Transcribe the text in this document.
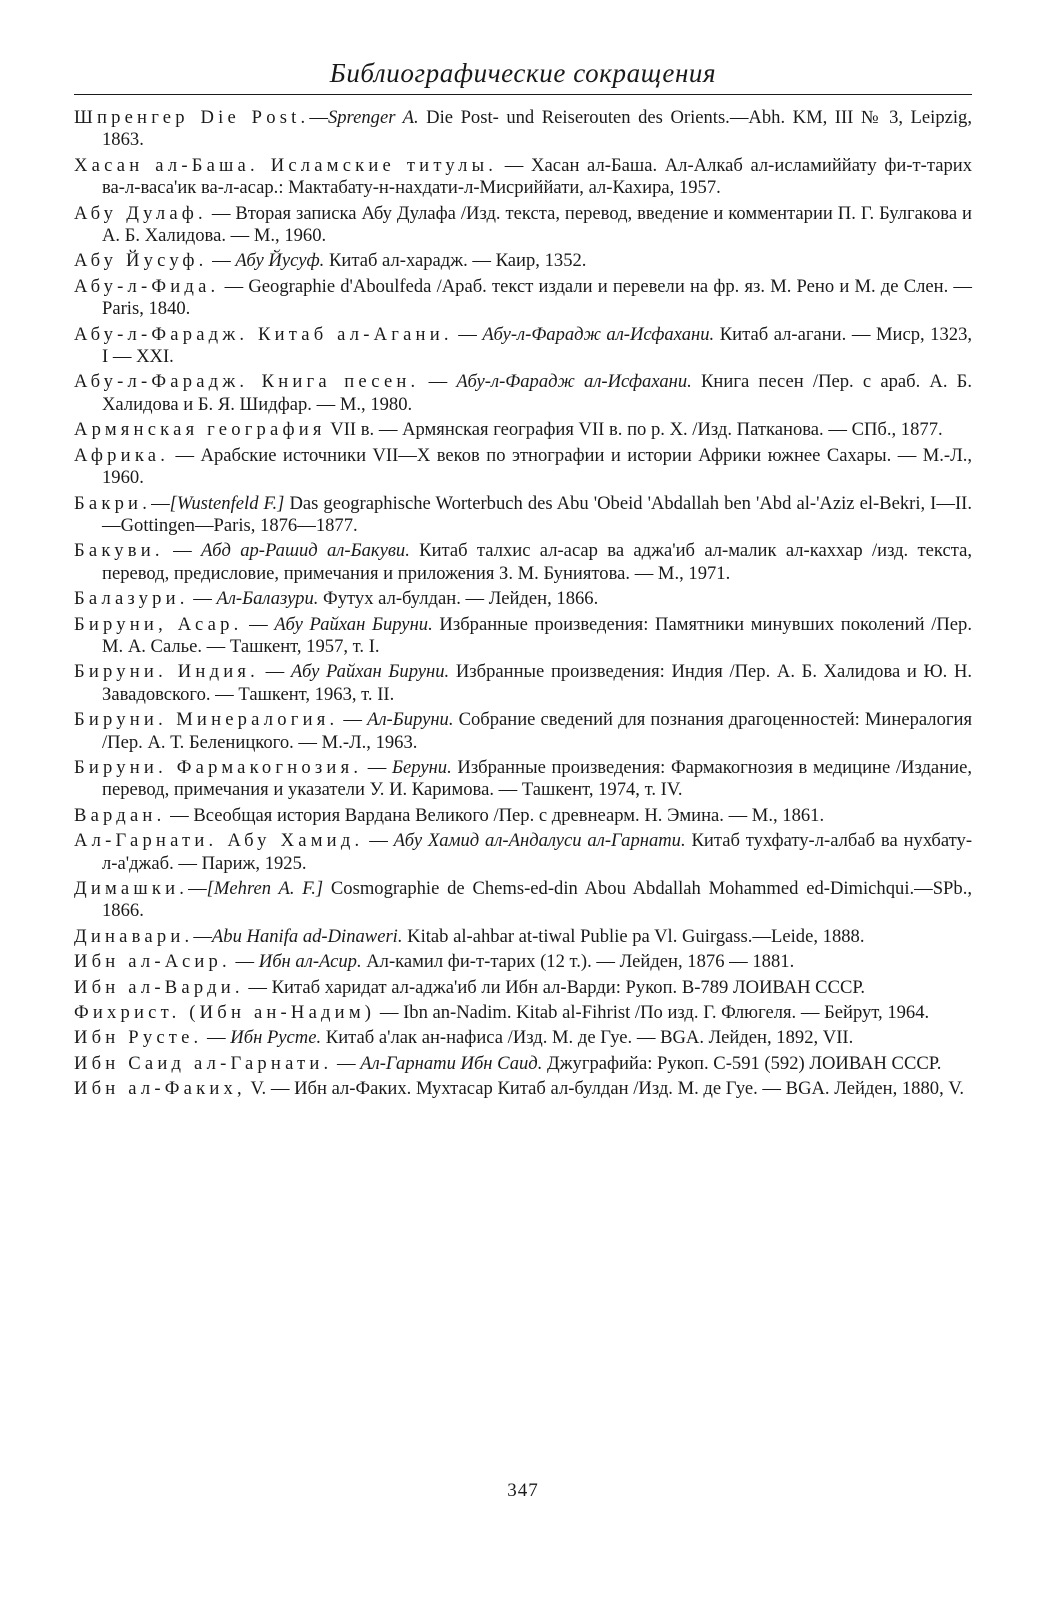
Библиографические сокращения

Шпренгер Die Post.—Sprenger A. Die Post- und Reiserouten des Orients.—Abh. KM, III № 3, Leipzig, 1863.

Хасан ал-Баша. Исламские титулы. — Хасан ал-Баша. Ал-Алкаб ал-исламиййату фи-т-тарих ва-л-васа'ик ва-л-асар.: Мактабату-н-нахдати-л-Мисриййати, ал-Кахира, 1957.

Абу Дулаф. — Вторая записка Абу Дулафа /Изд. текста, перевод, введение и комментарии П. Г. Булгакова и А. Б. Халидова. — М., 1960.

Абу Йусуф. — Абу Йусуф. Китаб ал-харадж. — Каир, 1352.

Абу-л-Фида. — Geographie d'Aboulfeda /Араб. текст издали и перевели на фр. яз. М. Рено и М. де Слен. — Paris, 1840.

Абу-л-Фарадж. Китаб ал-Агани. — Абу-л-Фарадж ал-Исфахани. Китаб ал-агани. — Миср, 1323, I — XXI.

Абу-л-Фарадж. Книга песен. — Абу-л-Фарадж ал-Исфахани. Книга песен /Пер. с араб. А. Б. Халидова и Б. Я. Шидфар. — М., 1980.

Армянская география VII в. — Армянская география VII в. по р. Х. /Изд. Патканова. — СПб., 1877.

Африка. — Арабские источники VII—X веков по этнографии и истории Африки южнее Сахары. — М.-Л., 1960.

Бакри.—[Wustenfeld F.] Das geographische Worterbuch des Abu 'Obeid 'Abdallah ben 'Abd al-'Aziz el-Bekri, I—II.—Gottingen—Paris, 1876—1877.

Бакуви. — Абд ар-Рашид ал-Бакуви. Китаб талхис ал-асар ва аджа'иб ал-малик ал-каххар /изд. текста, перевод, предисловие, примечания и приложения З. М. Буниятова. — М., 1971.

Балазури. — Ал-Балазури. Футух ал-булдан. — Лейден, 1866.

Бируни, Асар. — Абу Райхан Бируни. Избранные произведения: Памятники минувших поколений /Пер. М. А. Салье. — Ташкент, 1957, т. I.

Бируни. Индия. — Абу Райхан Бируни. Избранные произведения: Индия /Пер. А. Б. Халидова и Ю. Н. Завадовского. — Ташкент, 1963, т. II.

Бируни. Минералогия. — Ал-Бируни. Собрание сведений для познания драгоценностей: Минералогия /Пер. А. Т. Беленицкого. — М.-Л., 1963.

Бируни. Фармакогнозия. — Беруни. Избранные произведения: Фармакогнозия в медицине /Издание, перевод, примечания и указатели У. И. Каримова. — Ташкент, 1974, т. IV.

Вардан. — Всеобщая история Вардана Великого /Пер. с древнеарм. Н. Эмина. — М., 1861.

Ал-Гарнати. Абу Хамид. — Абу Хамид ал-Андалуси ал-Гарнати. Китаб тухфату-л-албаб ва нухбату-л-а'джаб. — Париж, 1925.

Димашки.—[Mehren A. F.] Cosmographie de Chems-ed-din Abou Abdallah Mohammed ed-Dimichqui.—SPb., 1866.

Динавари.—Abu Hanifa ad-Dinaweri. Kitab al-ahbar at-tiwal Publie pa Vl. Guirgass.—Leide, 1888.

Ибн ал-Асир. — Ибн ал-Асир. Ал-камил фи-т-тарих (12 т.). — Лейден, 1876 — 1881.

Ибн ал-Варди. — Китаб харидат ал-аджа'иб ли Ибн ал-Варди: Рукоп. В-789 ЛОИВАН СССР.

Фихрист. (Ибн ан-Надим) — Ibn an-Nadim. Kitab al-Fihrist /По изд. Г. Флюгеля. — Бейрут, 1964.

Ибн Русте. — Ибн Русте. Китаб а'лак ан-нафиса /Изд. М. де Гуе. — BGA. Лейден, 1892, VII.

Ибн Саид ал-Гарнати. — Ал-Гарнати Ибн Саид. Джуграфийа: Рукоп. С-591 (592) ЛОИВАН СССР.

Ибн ал-Факих, V. — Ибн ал-Факих. Мухтасар Китаб ал-булдан /Изд. М. де Гуе. — BGA. Лейден, 1880, V.

347
